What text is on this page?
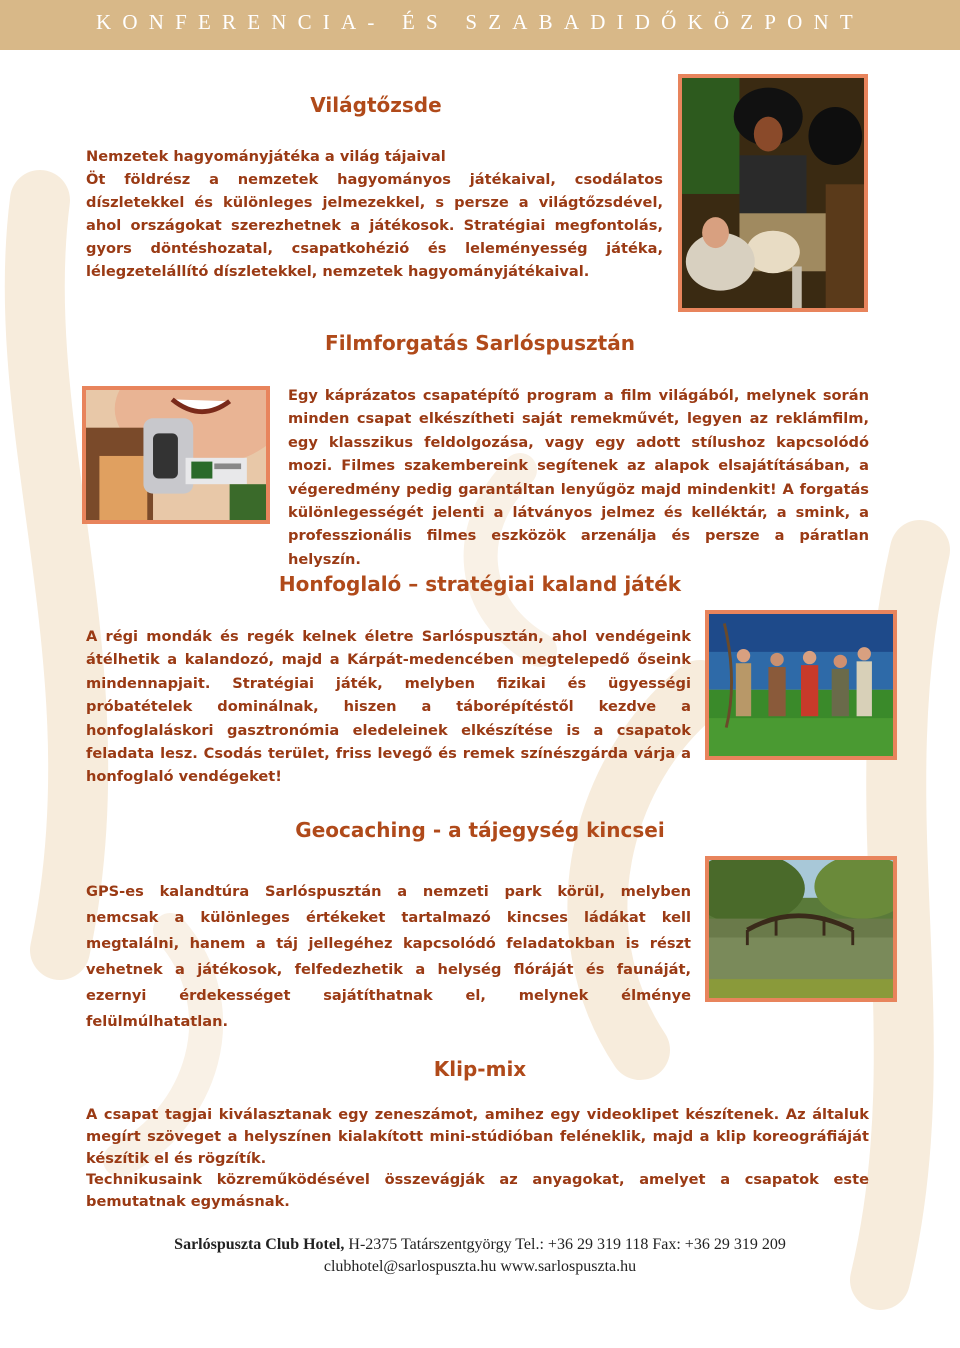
KONFERENCIA- ÉS SZABADIDŐKÖZPONT
Világtőzsde

Nemzetek hagyományjátéka a világ tájaival

Öt földrész a nemzetek hagyományos játékaival, csodálatos díszletekkel és különleges jelmezekkel, s persze a világtőzsdével, ahol országokat szerezhetnek a játékosok. Stratégiai megfontolás, gyors döntéshozatal, csapatkohézió és leleményesség játéka, lélegzetelállító díszletekkel, nemzetek hagyományjátékaival.

Filmforgatás Sarlóspusztán

Egy káprázatos csapatépítő program a film világából, melynek során minden csapat elkészítheti saját remekművét, legyen az reklámfilm, egy klasszikus feldolgozása, vagy egy adott stílushoz kapcsolódó mozi. Filmes szakembereink segítenek az alapok elsajátításában, a végeredmény pedig garantáltan lenyűgöz majd mindenkit! A forgatás különlegességét jelenti a látványos jelmez és kelléktár, a smink, a professzionális filmes eszközök arzenálja és persze a páratlan helyszín.

Honfoglaló – stratégiai kaland játék

A régi mondák és regék kelnek életre Sarlóspusztán, ahol vendégeink átélhetik a kalandozó, majd a Kárpát-medencében megtelepedő őseink mindennapjait. Stratégiai játék, melyben fizikai és ügyességi próbatételek dominálnak, hiszen a táborépítéstől kezdve a honfoglaláskori gasztronómia eledeleinek elkészítése is a csapatok feladata lesz. Csodás terület, friss levegő és remek színészgárda várja a honfoglaló vendégeket!

Geocaching - a tájegység kincsei

GPS-es kalandtúra Sarlóspusztán a nemzeti park körül, melyben nemcsak a különleges értékeket tartalmazó kincses ládákat kell megtalálni, hanem a táj jellegéhez kapcsolódó feladatokban is részt vehetnek a játékosok, felfedezhetik a helység flóráját és faunáját, ezernyi érdekességet sajátíthatnak el, melynek élménye felülmúlhatatlan.

Klip-mix

A csapat tagjai kiválasztanak egy zeneszámot, amihez egy videoklipet készítenek. Az általuk megírt szöveget a helyszínen kialakított mini-stúdióban feléneklik, majd a klip koreográfiáját készítik el és rögzítík.

Technikusaink közreműködésével összevágják az anyagokat, amelyet a csapatok este bemutatnak egymásnak.

Sarlóspuszta Club Hotel, H-2375 Tatárszentgyörgy Tel.: +36 29 319 118 Fax: +36 29 319 209
clubhotel@sarlospuszta.hu www.sarlospuszta.hu
